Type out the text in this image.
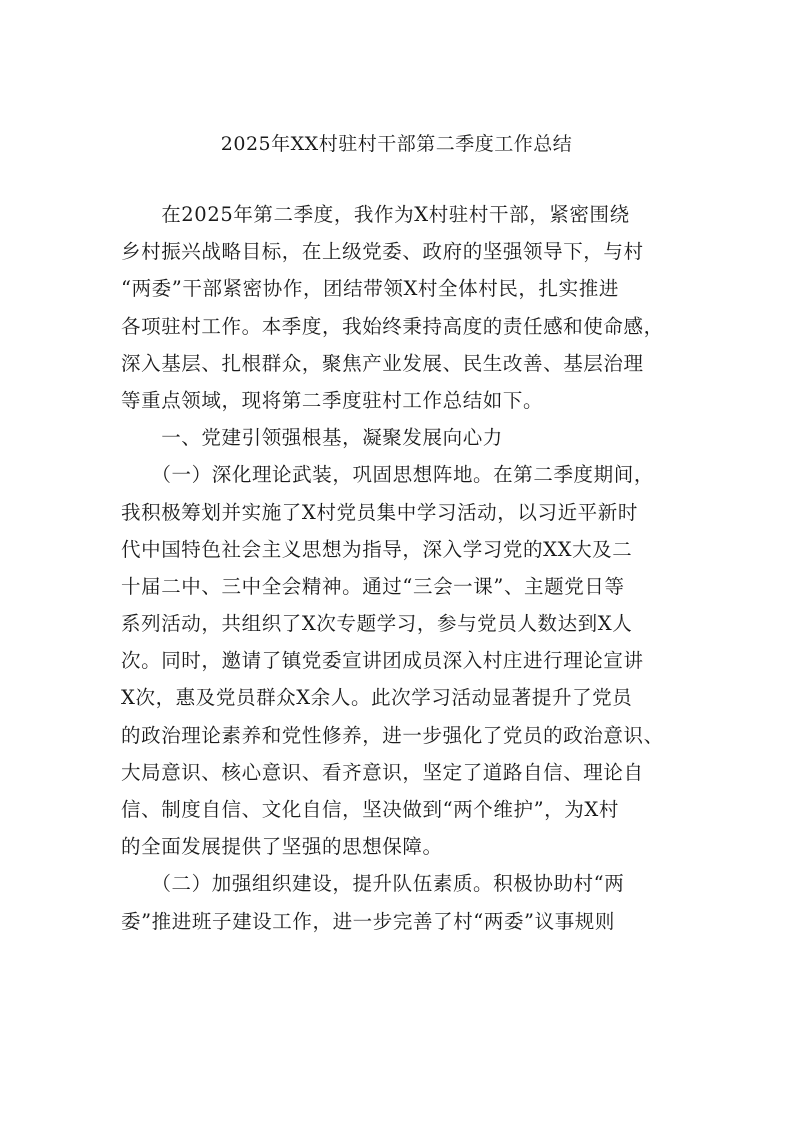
2025年XX村驻村干部第二季度工作总结
　　在2025年第二季度，我作为X村驻村干部，紧密围绕
乡村振兴战略目标，在上级党委、政府的坚强领导下，与村
“两委”干部紧密协作，团结带领X村全体村民，扎实推进
各项驻村工作。本季度，我始终秉持高度的责任感和使命感，
深入基层、扎根群众，聚焦产业发展、民生改善、基层治理
等重点领域，现将第二季度驻村工作总结如下。
　　一、党建引领强根基，凝聚发展向心力
　　（一）深化理论武装，巩固思想阵地。在第二季度期间，
我积极筹划并实施了X村党员集中学习活动，以习近平新时
代中国特色社会主义思想为指导，深入学习党的XX大及二
十届二中、三中全会精神。通过“三会一课”、主题党日等
系列活动，共组织了X次专题学习，参与党员人数达到X人
次。同时，邀请了镇党委宣讲团成员深入村庄进行理论宣讲
X次，惠及党员群众X余人。此次学习活动显著提升了党员
的政治理论素养和党性修养，进一步强化了党员的政治意识、
大局意识、核心意识、看齐意识，坚定了道路自信、理论自
信、制度自信、文化自信，坚决做到“两个维护”，为X村
的全面发展提供了坚强的思想保障。
　　（二）加强组织建设，提升队伍素质。积极协助村“两
委”推进班子建设工作，进一步完善了村“两委”议事规则
